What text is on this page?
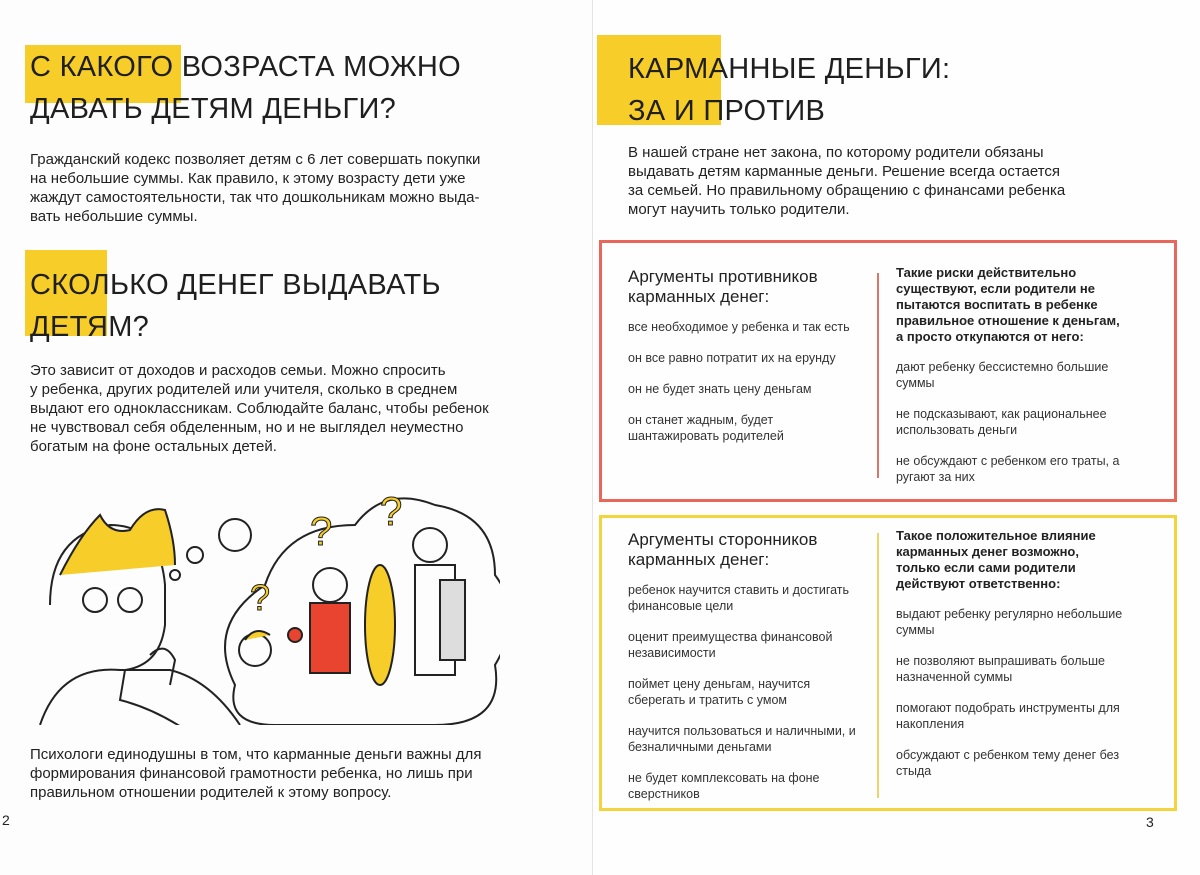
С КАКОГО ВОЗРАСТА МОЖНО
ДАВАТЬ ДЕТЯМ ДЕНЬГИ?
Гражданский кодекс позволяет детям с 6 лет совершать покупки
на небольшие суммы. Как правило, к этому возрасту дети уже
жаждут самостоятельности, так что дошкольникам можно выда-
вать небольшие суммы.
СКОЛЬКО ДЕНЕГ ВЫДАВАТЬ
ДЕТЯМ?
Это зависит от доходов и расходов семьи. Можно спросить
у ребенка, других родителей или учителя, сколько в среднем
выдают его одноклассникам. Соблюдайте баланс, чтобы ребенок
не чувствовал себя обделенным, но и не выглядел неуместно
богатым на фоне остальных детей.
? ?
?
Психологи единодушны в том, что карманные деньги важны для
формирования финансовой грамотности ребенка, но лишь при
правильном отношении родителей к этому вопросу.
2
КАРМАННЫЕ ДЕНЬГИ:
ЗА И ПРОТИВ
В нашей стране нет закона, по которому родители обязаны
выдавать детям карманные деньги. Решение всегда остается
за семьей. Но правильному обращению с финансами ребенка
могут научить только родители.
Аргументы противников
карманных денег:

все необходимое у ребенка и так есть

он все равно потратит их на ерунду

он не будет знать цену деньгам

он станет жадным, будет шантажировать родителей

Такие риски действительно существуют, если родители не пытаются воспитать в ребенке правильное отношение к деньгам, а просто откупаются от него:

дают ребенку бессистемно большие суммы

не подсказывают, как рациональнее использовать деньги

не обсуждают с ребенком его траты, а ругают за них

Аргументы сторонников
карманных денег:

ребенок научится ставить и достигать финансовые цели

оценит преимущества финансовой независимости

поймет цену деньгам, научится сберегать и тратить с умом

научится пользоваться и наличными, и безналичными деньгами

не будет комплексовать на фоне сверстников

Такое положительное влияние карманных денег возможно, только если сами родители действуют ответственно:

выдают ребенку регулярно небольшие суммы

не позволяют выпрашивать больше назначенной суммы

помогают подобрать инструменты для накопления

обсуждают с ребенком тему денег без стыда

3
